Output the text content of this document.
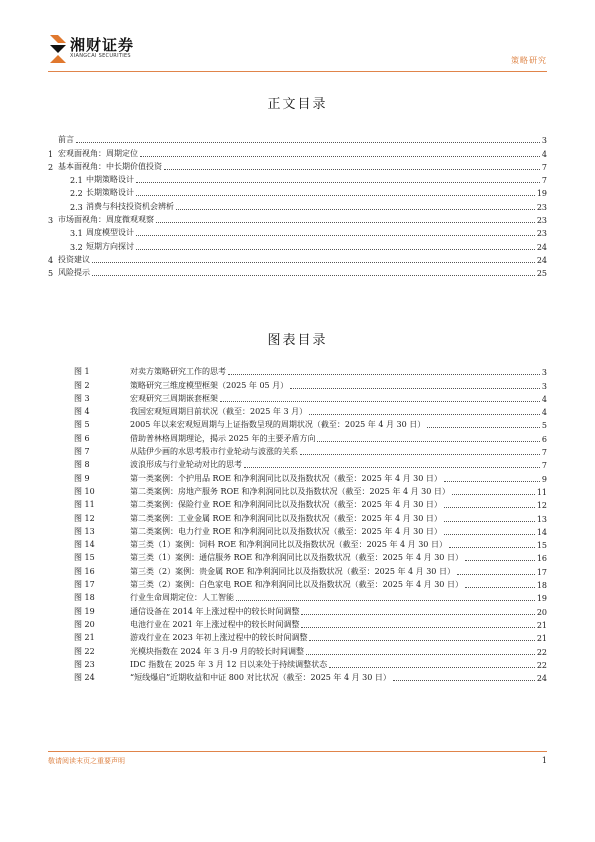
湘财证券
XIANGCAI SECURITIES	策略研究
正文目录
前言	3
1 宏观面视角：周期定位	4
2 基本面视角：中长期价值投资	7
2.1 中期策略设计	7
2.2 长期策略设计	19
2.3 消费与科技投资机会辨析	23
3 市场面视角：周度微观观察	23
3.1 周度模型设计	23
3.2 短期方向探讨	24
4 投资建议	24
5 风险提示	25
图表目录
图 1	对卖方策略研究工作的思考	3
图 2	策略研究三维度模型框架（2025 年 05 月）	3
图 3	宏观研究三周期嵌套框架	4
图 4	我国宏观短周期目前状况（截至：2025 年 3 月）	4
图 5	2005 年以来宏观短周期与上证指数呈现的周期状况（截至：2025 年 4 月 30 日）	5
图 6	借助普林格周期理论，揭示 2025 年的主要矛盾方向	6
图 7	从陆伊少画的水思考股市行业轮动与波涨的关系	7
图 8	波浪形成与行业轮动对比的思考	7
图 9	第一类案例：个护用品 ROE 和净利润同比以及指数状况（截至：2025 年 4 月 30 日）	9
图 10	第二类案例：房地产服务 ROE 和净利润同比以及指数状况（截至：2025 年 4 月 30 日）	11
图 11	第二类案例：保险行业 ROE 和净利润同比以及指数状况（截至：2025 年 4 月 30 日）	12
图 12	第二类案例：工业金属 ROE 和净利润同比以及指数状况（截至：2025 年 4 月 30 日）	13
图 13	第二类案例：电力行业 ROE 和净利润同比以及指数状况（截至：2025 年 4 月 30 日）	14
图 14	第三类（1）案例：饲料 ROE 和净利润同比以及指数状况（截至：2025 年 4 月 30 日）	15
图 15	第三类（1）案例：通信服务 ROE 和净利润同比以及指数状况（截至：2025 年 4 月 30 日）	16
图 16	第三类（2）案例：贵金属 ROE 和净利润同比以及指数状况（截至：2025 年 4 月 30 日）	17
图 17	第三类（2）案例：白色家电 ROE 和净利润同比以及指数状况（截至：2025 年 4 月 30 日）	18
图 18	行业生命周期定位：人工智能	19
图 19	通信设备在 2014 年上涨过程中的较长时间调整	20
图 20	电池行业在 2021 年上涨过程中的较长时间调整	21
图 21	游戏行业在 2023 年初上涨过程中的较长时间调整	21
图 22	光模块指数在 2024 年 3 月-9 月的较长时间调整	22
图 23	IDC 指数在 2025 年 3 月 12 日以来处于持续调整状态	22
图 24	“短线爆启”近期收益和中证 800 对比状况（截至：2025 年 4 月 30 日）	24
敬请阅读末页之重要声明	1
